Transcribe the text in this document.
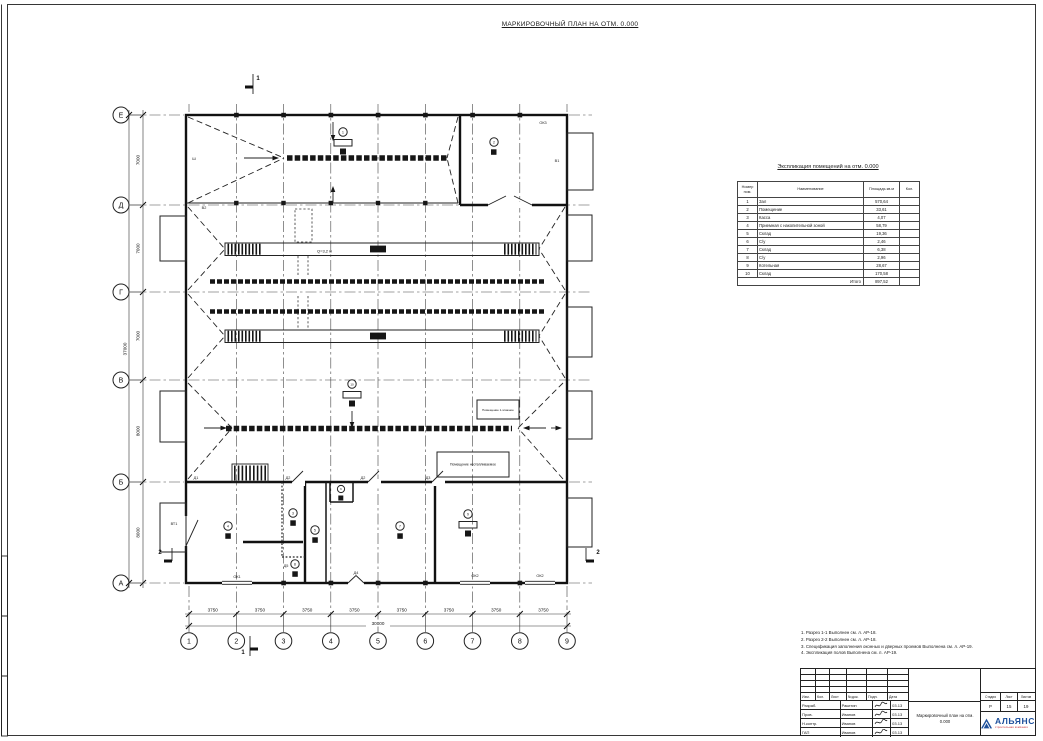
Е
Д
Г
В
Б
А
1	2	3	4	5	6	7	8	9
7000
7000
7000
8000
8000
37000
3750	3750	3750	3750	3750	3750	3750	3750
30000
Помещение 1-этажное
Помещение неотапливаемое
1
2
3
4
5
6
7
8
9
10
Ш
В2
ОК3
В1
Д1	Д2	Д2	Д3
Д4
Д5
ВТ1
ОК1	ОК2	ОК2
Q=3,2 м
1
1
2	2
МАРКИРОВОЧНЫЙ ПЛАН НА ОТМ. 0.000
Экспликация помещений на отм. 0.000
Номер пом.	Наименование	Площадь кв.м	Кол.
1	Зал	570,64	
2	Помещение	33,61	
3	Касса	4,07	
4	Приемная с накопительной зоной	58,79	
5	Склад	19,36	
6	С/у	2,46	
7	Склад	6,38	
8	С/у	2,96	
9	Котельная	28,67	
10	Склад	170,58	
Итого		897,52	
1. Разрез 1-1 Выполнен см. л. АР-18.
2. Разрез 2-2 Выполнен см. л. АР-18.
3. Спецификация заполнения оконных и дверных проемов Выполнена см. л. АР-19.
4. Экспликация полов Выполнена см. л. АР-19.
Изм.	Кол.	Лист	№док.	Подп.	Дата
Разраб.	Ракитин	03.13
Пров.	Иванов	03.13
Н.контр.	Иванов	03.13
ГАП	Иванов	03.13
Маркировочный план на отм. 0.000
Стадия	Лист	Листов
Р	15	19
АЛЬЯНС
строительная компания
